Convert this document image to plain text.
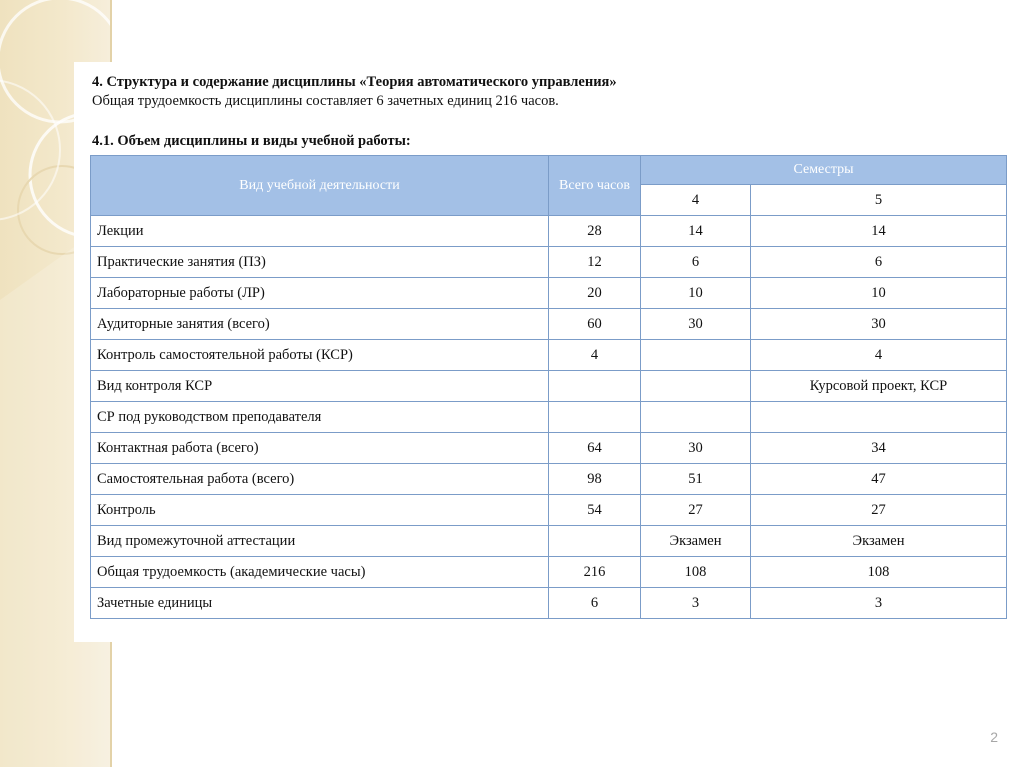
4. Структура и содержание дисциплины «Теория автоматического управления»
Общая трудоемкость дисциплины составляет 6 зачетных единиц 216 часов.
4.1. Объем дисциплины и виды учебной работы:
Вид учебной деятельности	Всего часов	Семестры	
		4	5
Лекции	28	14	14
Практические занятия (ПЗ)	12	6	6
Лабораторные работы (ЛР)	20	10	10
Аудиторные занятия (всего)	60	30	30
Контроль самостоятельной работы (КСР)	4		4
Вид контроля КСР			Курсовой проект, КСР
СР под руководством преподавателя			
Контактная работа (всего)	64	30	34
Самостоятельная работа (всего)	98	51	47
Контроль	54	27	27
Вид промежуточной аттестации		Экзамен	Экзамен
Общая трудоемкость (академические часы)	216	108	108
Зачетные единицы	6	3	3
2
